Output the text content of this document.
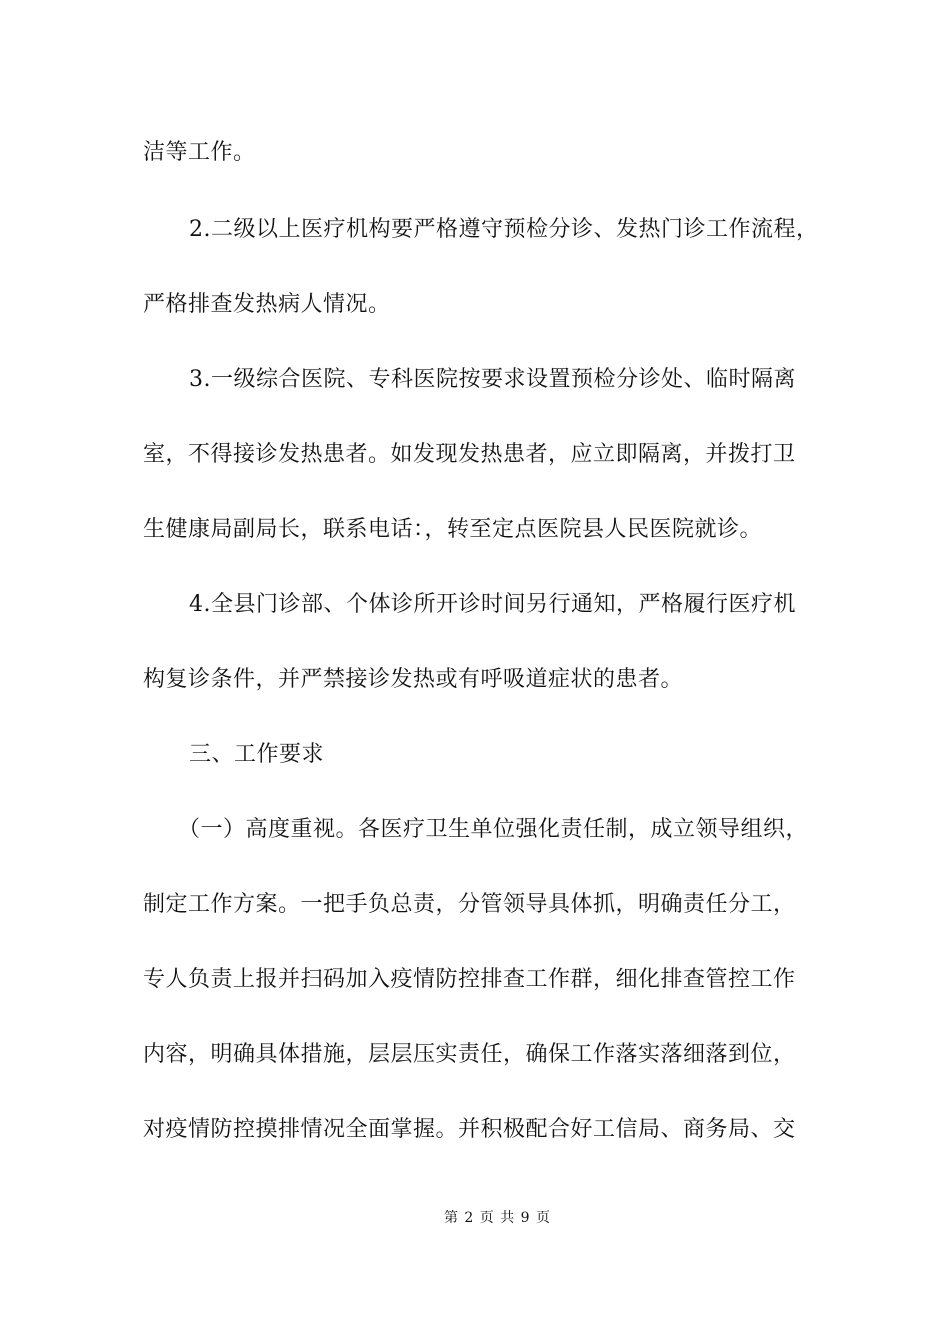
洁等工作。
2.二级以上医疗机构要严格遵守预检分诊、发热门诊工作流程，
严格排查发热病人情况。
3.一级综合医院、专科医院按要求设置预检分诊处、临时隔离
室，不得接诊发热患者。如发现发热患者，应立即隔离，并拨打卫
生健康局副局长，联系电话：，转至定点医院县人民医院就诊。
4.全县门诊部、个体诊所开诊时间另行通知，严格履行医疗机
构复诊条件，并严禁接诊发热或有呼吸道症状的患者。
三、工作要求
（一）高度重视。各医疗卫生单位强化责任制，成立领导组织，
制定工作方案。一把手负总责，分管领导具体抓，明确责任分工，
专人负责上报并扫码加入疫情防控排查工作群，细化排查管控工作
内容，明确具体措施，层层压实责任，确保工作落实落细落到位，
对疫情防控摸排情况全面掌握。并积极配合好工信局、商务局、交
第 2 页 共 9 页
